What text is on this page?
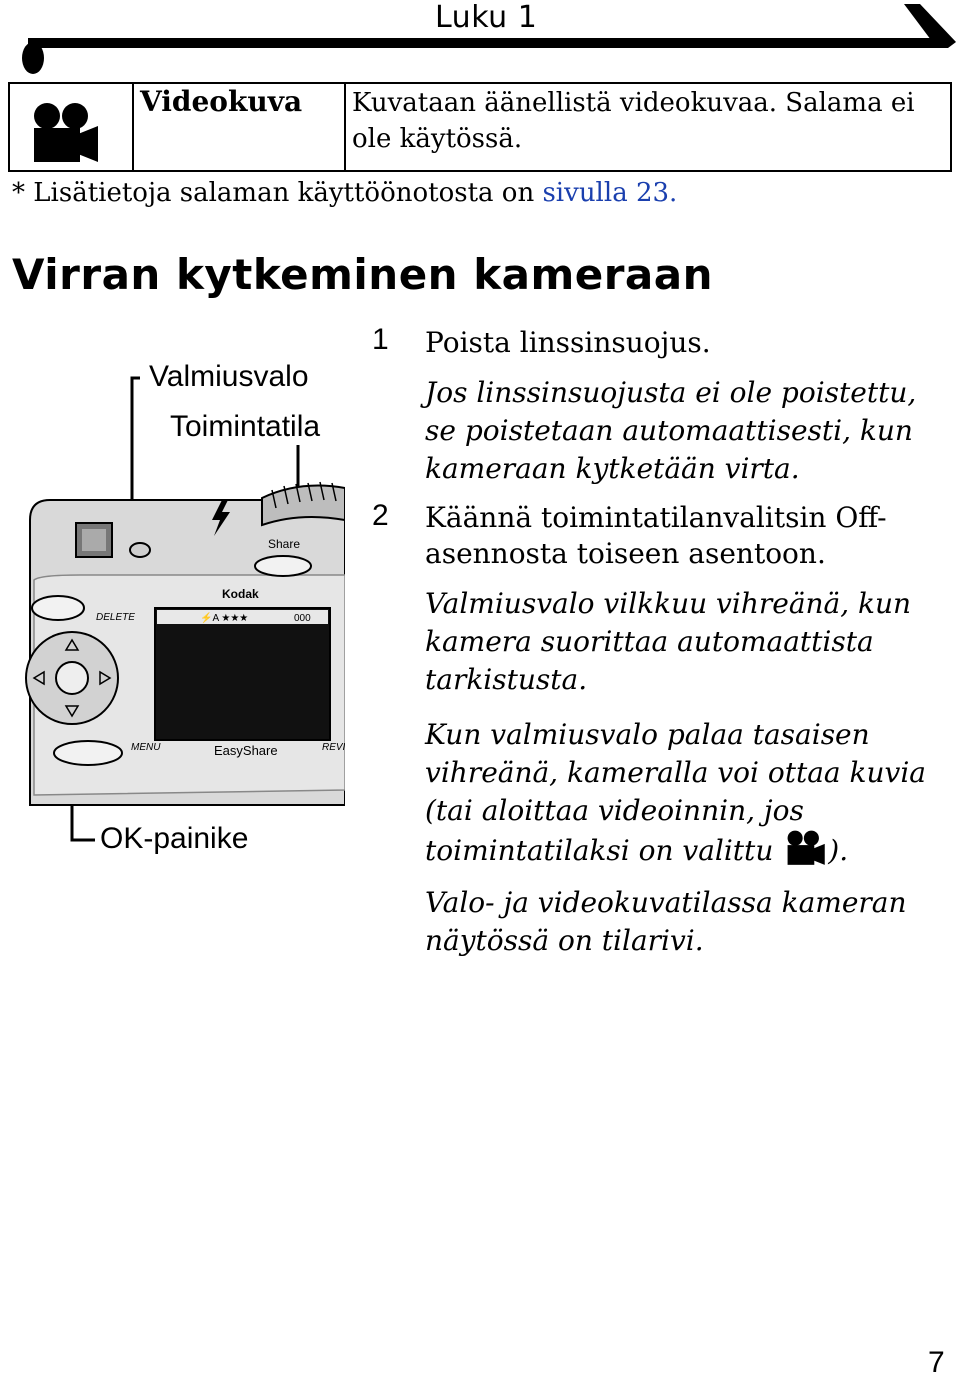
Luku 1
Videokuva Kuvataan äänellistä videokuvaa. Salama ei ole käytössä.
* Lisätietoja salaman käyttöönotosta on sivulla 23.
Virran kytkeminen kameraan
Share
DELETE
Kodak
⚡A ★★★	000
MENU	EasyShare	REVI
Valmiusvalo
Toimintatila
OK-painike
1 Poista linssinsuojus.
Jos linssinsuojusta ei ole poistettu, se poistetaan automaattisesti, kun kameraan kytketään virta.
2 Käännä toimintatilanvalitsin Off-asennosta toiseen asentoon.
Valmiusvalo vilkkuu vihreänä, kun kamera suorittaa automaattista tarkistusta.
Kun valmiusvalo palaa tasaisen vihreänä, kameralla voi ottaa kuvia (tai aloittaa videoinnin, jos toimintatilaksi on valittu ).
Valo- ja videokuvatilassa kameran näytössä on tilarivi.
7
